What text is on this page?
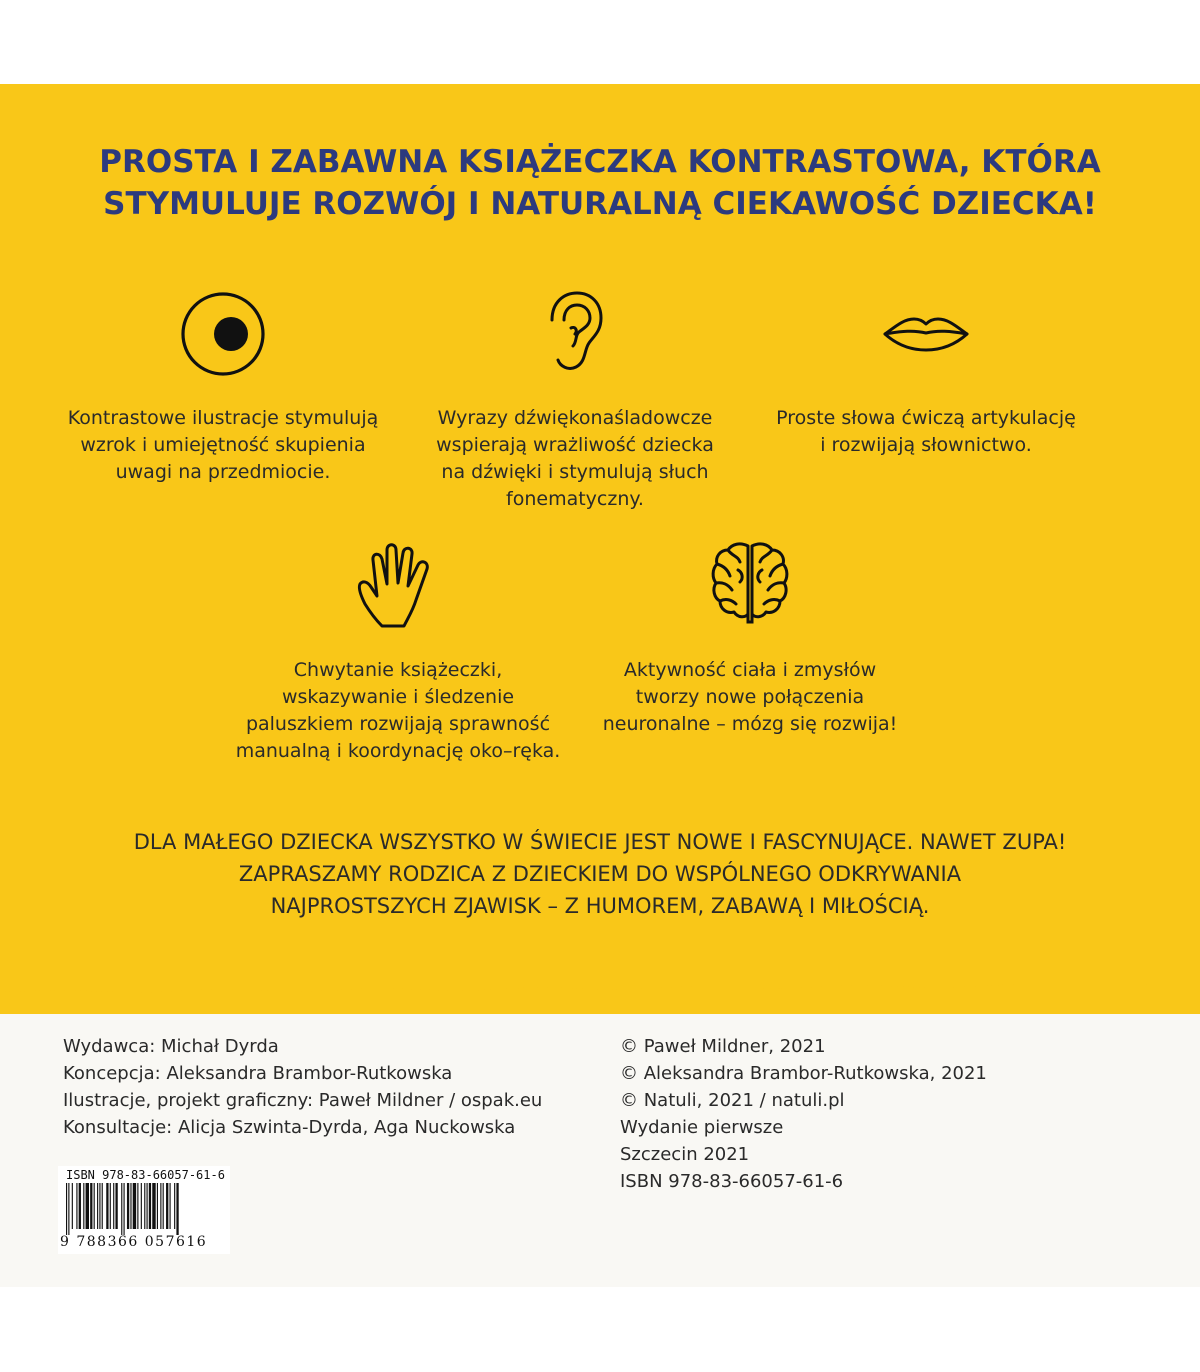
PROSTA I ZABAWNA KSIĄŻECZKA KONTRASTOWA, KTÓRA
STYMULUJE ROZWÓJ I NATURALNĄ CIEKAWOŚĆ DZIECKA!
Kontrastowe ilustracje stymulują
wzrok i umiejętność skupienia
uwagi na przedmiocie.
Wyrazy dźwiękonaśladowcze
wspierają wrażliwość dziecka
na dźwięki i stymulują słuch
fonematyczny.
Proste słowa ćwiczą artykulację
i rozwijają słownictwo.
Chwytanie książeczki,
wskazywanie i śledzenie
paluszkiem rozwijają sprawność
manualną i koordynację oko–ręka.
Aktywność ciała i zmysłów
tworzy nowe połączenia
neuronalne – mózg się rozwija!
DLA MAŁEGO DZIECKA WSZYSTKO W ŚWIECIE JEST NOWE I FASCYNUJĄCE. NAWET ZUPA!
ZAPRASZAMY RODZICA Z DZIECKIEM DO WSPÓLNEGO ODKRYWANIA
NAJPROSTSZYCH ZJAWISK – Z HUMOREM, ZABAWĄ I MIŁOŚCIĄ.
Wydawca: Michał Dyrda
Koncepcja: Aleksandra Brambor-Rutkowska
Ilustracje, projekt graficzny: Paweł Mildner / ospak.eu
Konsultacje: Alicja Szwinta-Dyrda, Aga Nuckowska
© Paweł Mildner, 2021
© Aleksandra Brambor-Rutkowska, 2021
© Natuli, 2021 / natuli.pl
Wydanie pierwsze
Szczecin 2021
ISBN 978-83-66057-61-6
ISBN 978-83-66057-61-6
9 788366 057616
